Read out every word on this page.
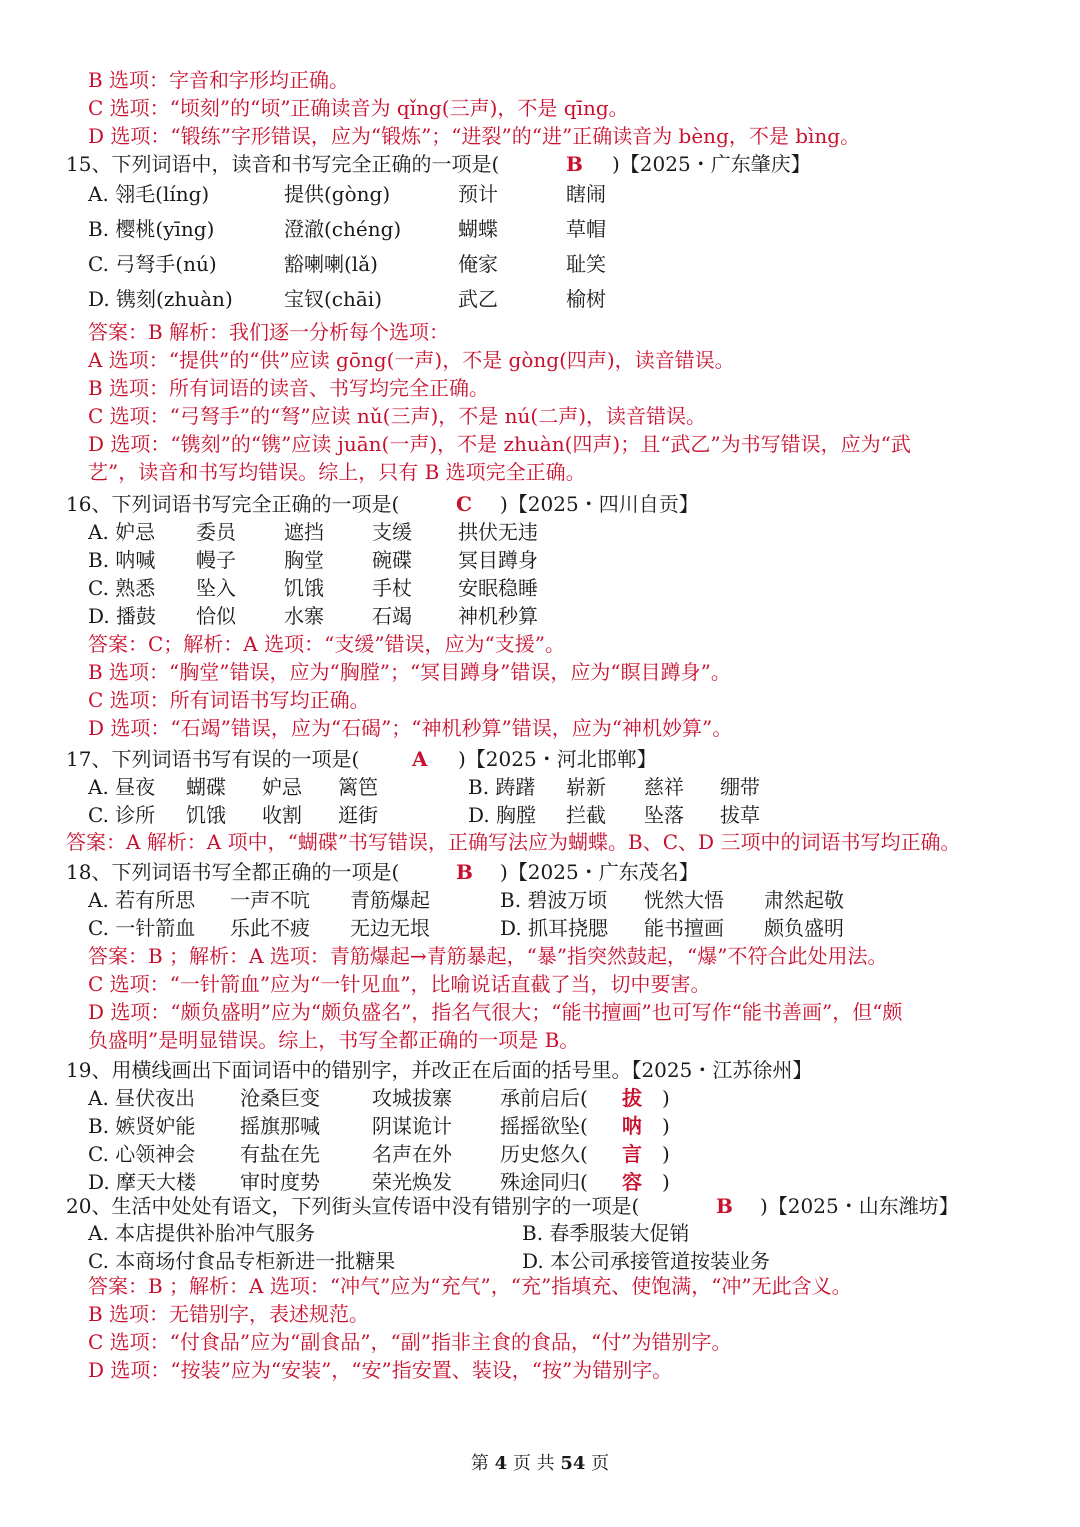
B 选项：字音和字形均正确。
C 选项：“顷刻”的“顷”正确读音为 qǐng(三声)，不是 qīng。
D 选项：“锻练”字形错误，应为“锻炼”；“进裂”的“进”正确读音为 bèng，不是 bìng。
答案：B 解析：我们逐一分析每个选项：
A 选项：“提供”的“供”应读 gōng(一声)，不是 gòng(四声)，读音错误。
B 选项：所有词语的读音、书写均完全正确。
C 选项：“弓弩手”的“弩”应读 nǔ(三声)，不是 nú(二声)，读音错误。
D 选项：“镌刻”的“镌”应读 juān(一声)，不是 zhuàn(四声)；且“武乙”为书写错误，应为“武
艺”，读音和书写均错误。综上，只有 B 选项完全正确。
答案：C；解析：A 选项：“支缓”错误，应为“支援”。
B 选项：“胸堂”错误，应为“胸膛”；“冥目蹲身”错误，应为“瞑目蹲身”。
C 选项：所有词语书写均正确。
D 选项：“石竭”错误，应为“石碣”；“神机秒算”错误，应为“神机妙算”。
答案：A 解析：A 项中，“蝴碟”书写错误，正确写法应为蝴蝶。B、C、D 三项中的词语书写均正确。
答案：B ；解析：A 选项：青筋爆起→青筋暴起，“暴”指突然鼓起，“爆”不符合此处用法。
C 选项：“一针箭血”应为“一针见血”，比喻说话直截了当，切中要害。
D 选项：“颇负盛明”应为“颇负盛名”，指名气很大；“能书擅画”也可写作“能书善画”，但“颇
负盛明”是明显错误。综上，书写全都正确的一项是 B。
答案：B ；解析：A 选项：“冲气”应为“充气”，“充”指填充、使饱满，“冲”无此含义。
B 选项：无错别字，表述规范。
C 选项：“付食品”应为“副食品”，“副”指非主食的食品，“付”为错别字。
D 选项：“按装”应为“安装”，“安”指安置、装设，“按”为错别字。
15、下列词语中，读音和书写完全正确的一项是(	B )【2025・广东肇庆】
16、下列词语书写完全正确的一项是(	C )【2025・四川自贡】
17、下列词语书写有误的一项是(	A )【2025・河北邯郸】
18、下列词语书写全都正确的一项是(	B )【2025・广东茂名】
19、用横线画出下面词语中的错别字，并改正在后面的括号里。【2025・江苏徐州】
20、生活中处处有语文，下列街头宣传语中没有错别字的一项是(	B )【2025・山东潍坊】
A. 翎毛(líng)	提供(gòng)	预计	瞎闹
B. 樱桃(yīng)	澄澈(chéng)	蝴蝶	草帽
C. 弓弩手(nú)	豁喇喇(lǎ)	俺家	耻笑
D. 镌刻(zhuàn)	宝钗(chāi)	武乙	榆树
A. 妒忌 委员 遮挡 支缓 拱伏无违
B. 呐喊 幔子 胸堂 碗碟 冥目蹲身
C. 熟悉 坠入 饥饿 手杖 安眠稳睡
D. 播鼓 恰似 水寨 石竭 神机秒算
A. 昼夜 蝴碟 妒忌 篱笆	B. 踌躇 崭新 慈祥 绷带
C. 诊所 饥饿 收割 逛街	D. 胸膛 拦截 坠落 拔草
A. 若有所思 一声不吭 青筋爆起	B. 碧波万顷 恍然大悟 肃然起敬
C. 一针箭血 乐此不疲 无边无垠	D. 抓耳挠腮 能书擅画 颇负盛明
A. 本店提供补胎冲气服务	B. 春季服装大促销
C. 本商场付食品专柜新进一批糖果	D. 本公司承接管道按装业务
A. 昼伏夜出 沧桑巨变	攻城拔寨 承前启后( 拔 )
B. 嫉贤妒能 摇旗那喊	阴谋诡计 摇摇欲坠( 呐 )
C. 心领神会 有盐在先	名声在外 历史悠久( 言 )
D. 摩天大楼 审时度势	荣光焕发 殊途同归( 容 )
第 4 页 共 54 页
